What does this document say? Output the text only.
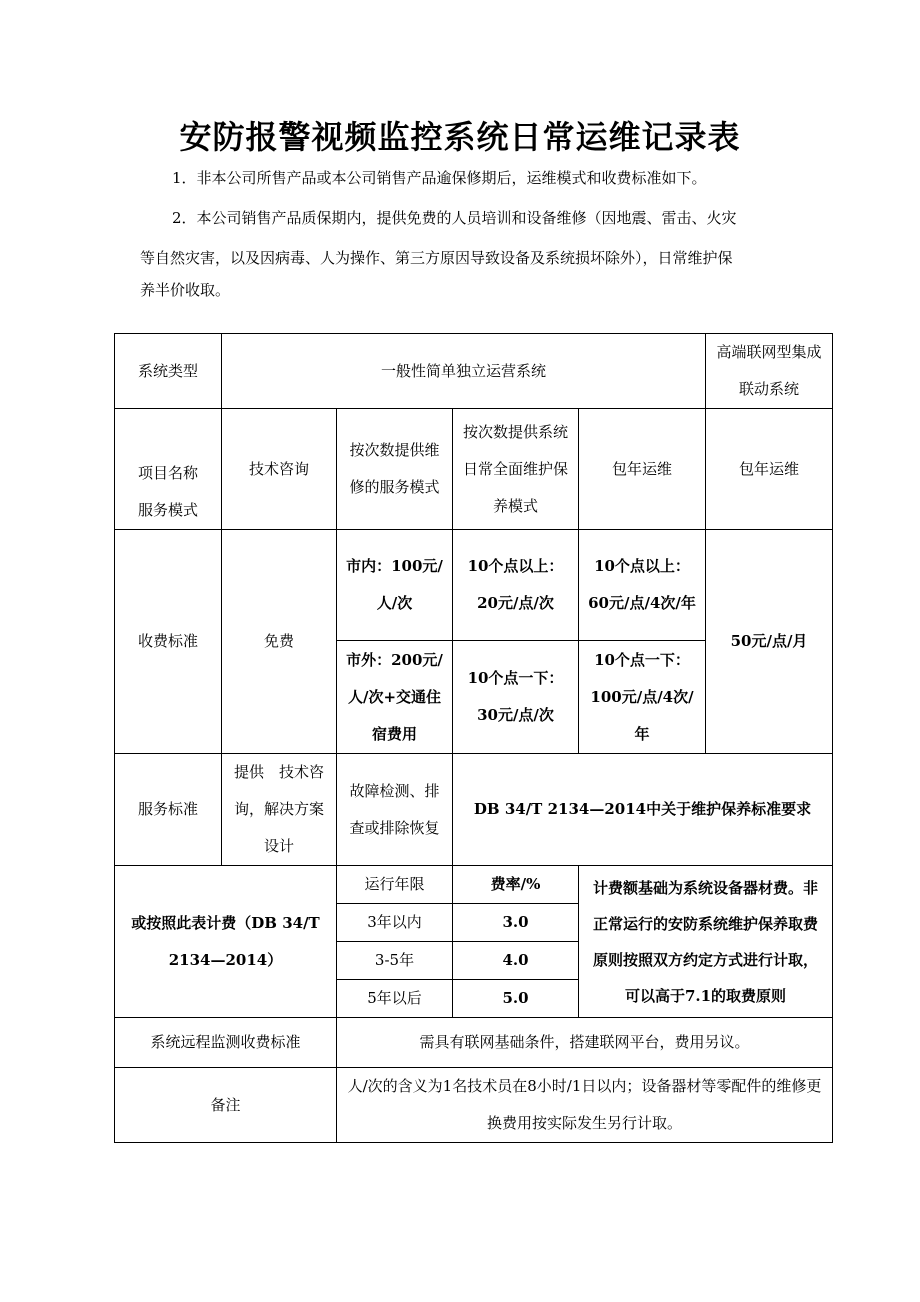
安防报警视频监控系统日常运维记录表

1．非本公司所售产品或本公司销售产品逾保修期后，运维模式和收费标准如下。

2．本公司销售产品质保期内，提供免费的人员培训和设备维修（因地震、雷击、火灾

等自然灾害，以及因病毒、人为操作、第三方原因导致设备及系统损坏除外），日常维护保

养半价收取。

系统类型	一般性简单独立运营系统				高端联网型集成联动系统
项目名称
服务模式	技术咨询	按次数提供维修的服务模式	按次数提供系统日常全面维护保养模式	包年运维	包年运维
收费标准	免费	市内：100元/人/次	10个点以上：20元/点/次	10个点以上：60元/点/4次/年	50元/点/月
		市外：200元/人/次+交通住宿费用	10个点一下：30元/点/次	10个点一下：100元/点/4次/年	
服务标准	提供　技术咨询，解决方案设计	故障检测、排查或排除恢复	DB 34/T 2134—2014中关于维护保养标准要求		
或按照此表计费（DB 34/T 2134—2014）		运行年限	费率/%	计费额基础为系统设备器材费。非正常运行的安防系统维护保养取费原则按照双方约定方式进行计取，可以高于7.1的取费原则	
		3年以内	3.0		
		3-5年	4.0		
		5年以后	5.0		
系统远程监测收费标准		需具有联网基础条件，搭建联网平台，费用另议。			
备注		人/次的含义为1名技术员在8小时/1日以内；设备器材等零配件的维修更换费用按实际发生另行计取。			
